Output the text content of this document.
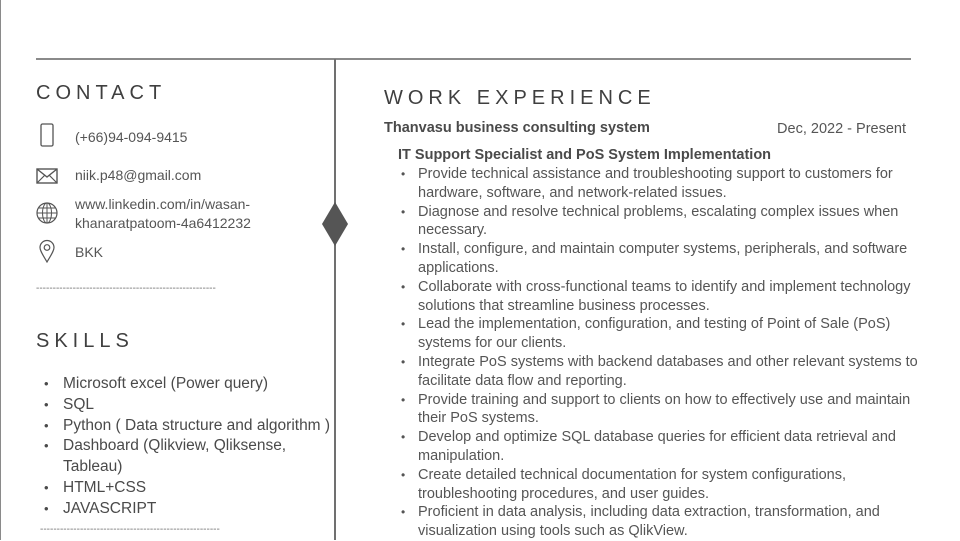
CONTACT
(+66)94-094-9415
niik.p48@gmail.com
www.linkedin.com/in/wasan-
khanaratpatoom-4a6412232
BKK
------------------------------------------------------
SKILLS
• Microsoft excel (Power query)
• SQL
• Python ( Data structure and algorithm )
• Dashboard (Qlikview, Qliksense, Tableau)
• HTML+CSS
• JAVASCRIPT
------------------------------------------------------
WORK EXPERIENCE
Thanvasu business consulting system	Dec, 2022 - Present
IT Support Specialist and PoS System Implementation
• Provide technical assistance and troubleshooting support to customers for hardware, software, and network-related issues.
• Diagnose and resolve technical problems, escalating complex issues when necessary.
• Install, configure, and maintain computer systems, peripherals, and software applications.
• Collaborate with cross-functional teams to identify and implement technology solutions that streamline business processes.
• Lead the implementation, configuration, and testing of Point of Sale (PoS) systems for our clients.
• Integrate PoS systems with backend databases and other relevant systems to facilitate data flow and reporting.
• Provide training and support to clients on how to effectively use and maintain their PoS systems.
• Develop and optimize SQL database queries for efficient data retrieval and manipulation.
• Create detailed technical documentation for system configurations, troubleshooting procedures, and user guides.
• Proficient in data analysis, including data extraction, transformation, and visualization using tools such as QlikView.
